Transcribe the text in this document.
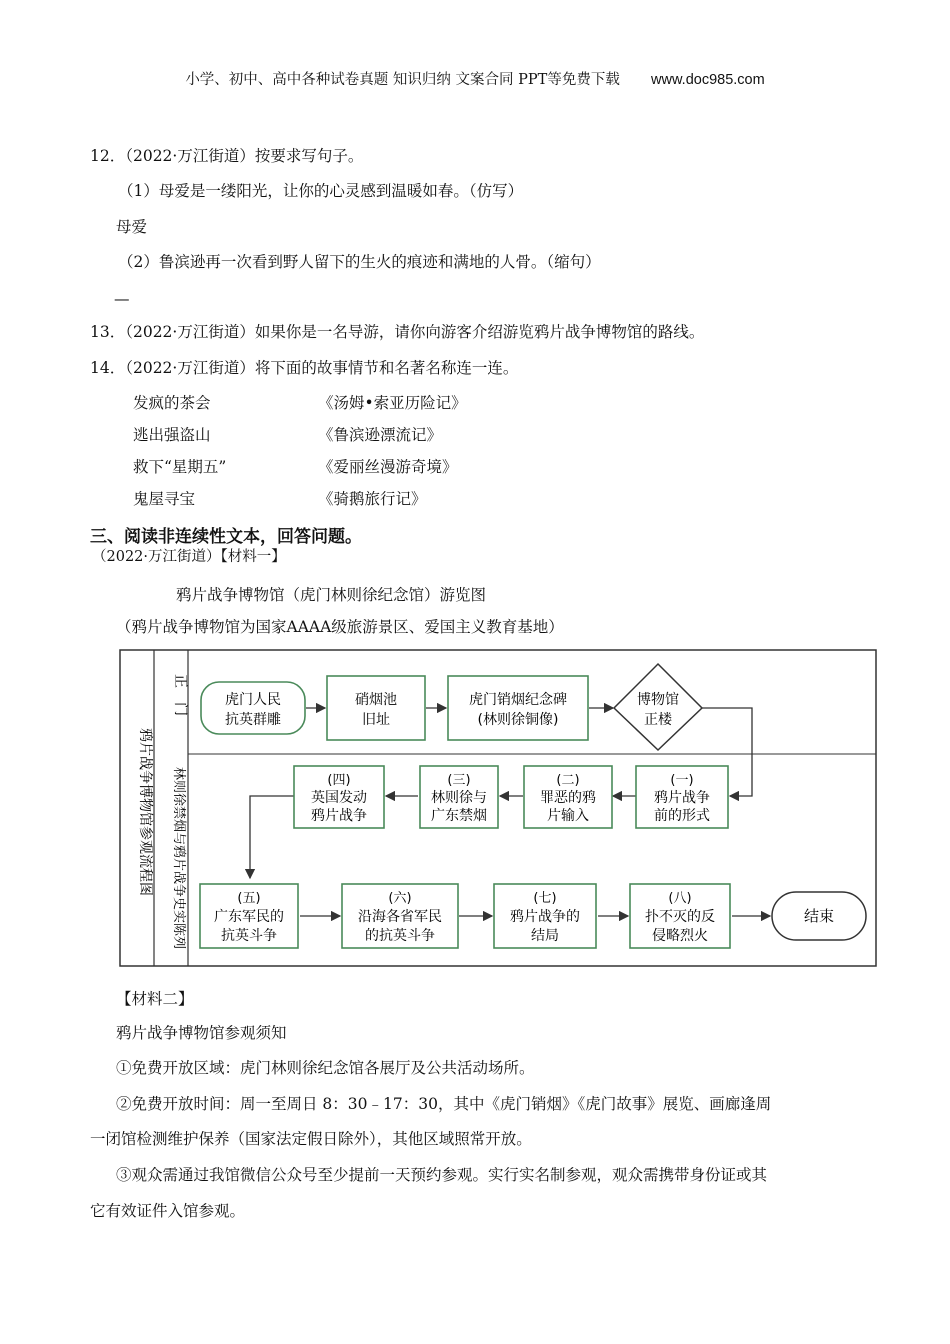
小学、初中、高中各种试卷真题 知识归纳 文案合同 PPT等免费下载 www.doc985.com
12．（2022·万江街道）按要求写句子。
（1）母爱是一缕阳光，让你的心灵感到温暖如春。（仿写）
母爱
（2）鲁滨逊再一次看到野人留下的生火的痕迹和满地的人骨。（缩句）
—
13．（2022·万江街道）如果你是一名导游，请你向游客介绍游览鸦片战争博物馆的路线。
14．（2022·万江街道）将下面的故事情节和名著名称连一连。
发疯的茶会
逃出强盗山
救下“星期五”
鬼屋寻宝
《汤姆•索亚历险记》
《鲁滨逊漂流记》
《爱丽丝漫游奇境》
《骑鹅旅行记》
三、阅读非连续性文本，回答问题。
（2022·万江街道）【材料一】
鸦片战争博物馆（虎门林则徐纪念馆）游览图
（鸦片战争博物馆为国家AAAA级旅游景区、爱国主义教育基地）
鸦片战争博物馆参观流程图
正门
林则徐禁烟与鸦片战争史实陈列
虎门人民
抗英群雕
硝烟池
旧址
虎门销烟纪念碑
(林则徐铜像)
博物馆
正楼
(一)
鸦片战争
前的形式
(二)
罪恶的鸦
片输入
(三)
林则徐与
广东禁烟
(四)
英国发动
鸦片战争
(五)
广东军民的
抗英斗争
(六)
沿海各省军民
的抗英斗争
(七)
鸦片战争的
结局
(八)
扑不灭的反
侵略烈火
结束
【材料二】
鸦片战争博物馆参观须知
①免费开放区域：虎门林则徐纪念馆各展厅及公共活动场所。
②免费开放时间：周一至周日 8：30﹣17：30，其中《虎门销烟》《虎门故事》展览、画廊逢周
一闭馆检测维护保养（国家法定假日除外），其他区域照常开放。
③观众需通过我馆微信公众号至少提前一天预约参观。实行实名制参观，观众需携带身份证或其
它有效证件入馆参观。
